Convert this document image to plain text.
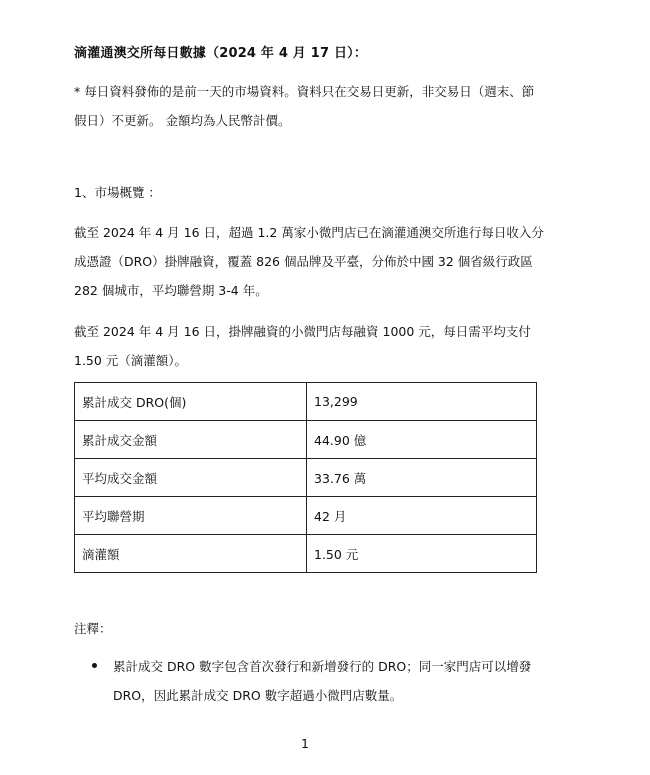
滴灌通澳交所每日數據（2024 年 4 月 17 日）：
* 每日資料發佈的是前一天的市場資料。資料只在交易日更新，非交易日（週末、節假日）不更新。 金額均為人民幣計價。
1、市場概覽 ：
截至 2024 年 4 月 16 日，超過 1.2 萬家小微門店已在滴灌通澳交所進行每日收入分成憑證（DRO）掛牌融資，覆蓋 826 個品牌及平臺，分佈於中國 32 個省級行政區 282 個城市，平均聯營期 3-4 年。
截至 2024 年 4 月 16 日，掛牌融資的小微門店每融資 1000 元，每日需平均支付 1.50 元（滴灌額）。
累計成交 DRO(個)	13,299
累計成交金額	44.90 億
平均成交金額	33.76 萬
平均聯營期	42 月
滴灌額	1.50 元
注釋：
累計成交 DRO 數字包含首次發行和新增發行的 DRO；同一家門店可以增發 DRO，因此累計成交 DRO 數字超過小微門店數量。
1
